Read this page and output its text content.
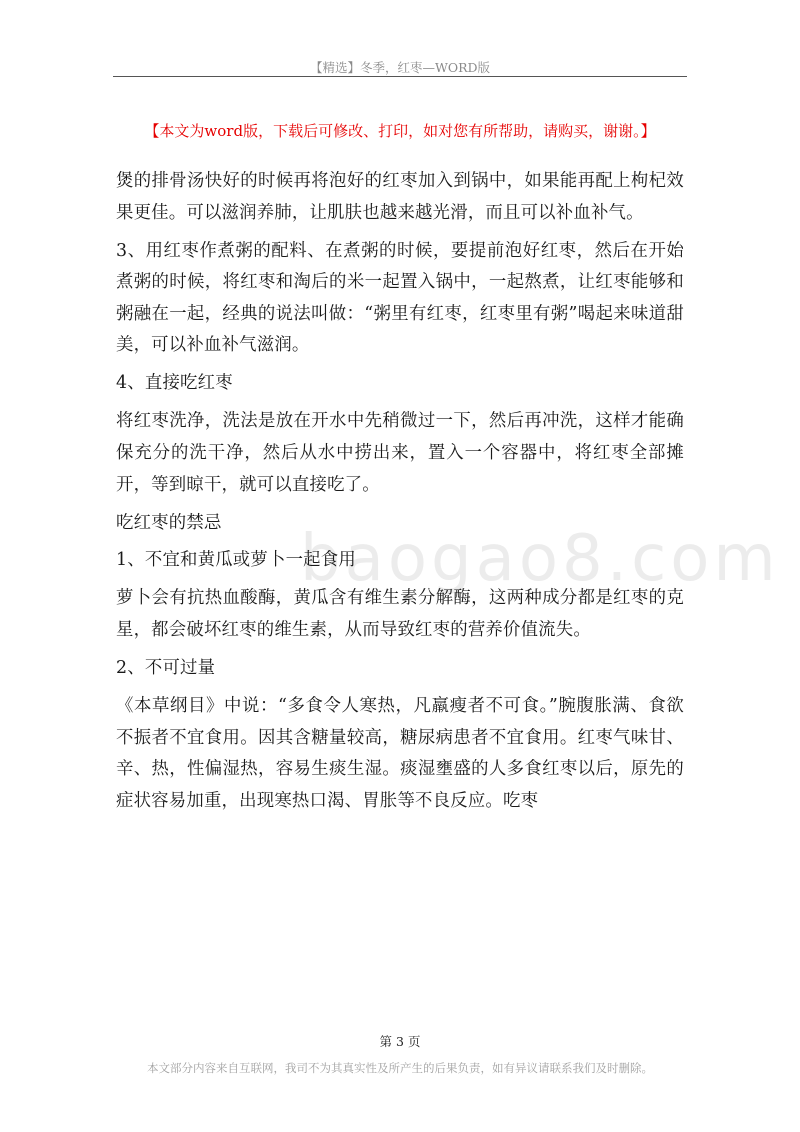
【精选】冬季，红枣—WORD版
【本文为word版，下载后可修改、打印，如对您有所帮助，请购买，谢谢。】
baogao8.com

煲的排骨汤快好的时候再将泡好的红枣加入到锅中，如果能再配上枸杞效果更佳。可以滋润养肺，让肌肤也越来越光滑，而且可以补血补气。

3、用红枣作煮粥的配料、在煮粥的时候，要提前泡好红枣，然后在开始煮粥的时候，将红枣和淘后的米一起置入锅中，一起熬煮，让红枣能够和粥融在一起，经典的说法叫做：“粥里有红枣，红枣里有粥”喝起来味道甜美，可以补血补气滋润。

4、直接吃红枣

将红枣洗净，洗法是放在开水中先稍微过一下，然后再冲洗，这样才能确保充分的洗干净，然后从水中捞出来，置入一个容器中，将红枣全部摊开，等到晾干，就可以直接吃了。

吃红枣的禁忌

1、不宜和黄瓜或萝卜一起食用

萝卜会有抗热血酸酶，黄瓜含有维生素分解酶，这两种成分都是红枣的克星，都会破坏红枣的维生素，从而导致红枣的营养价值流失。

2、不可过量

《本草纲目》中说：“多食令人寒热，凡羸瘦者不可食。”腕腹胀满、食欲不振者不宜食用。因其含糖量较高，糖尿病患者不宜食用。红枣气味甘、辛、热，性偏湿热，容易生痰生湿。痰湿壅盛的人多食红枣以后，原先的症状容易加重，出现寒热口渴、胃胀等不良反应。吃枣

第 3 页
本文部分内容来自互联网，我司不为其真实性及所产生的后果负责，如有异议请联系我们及时删除。
